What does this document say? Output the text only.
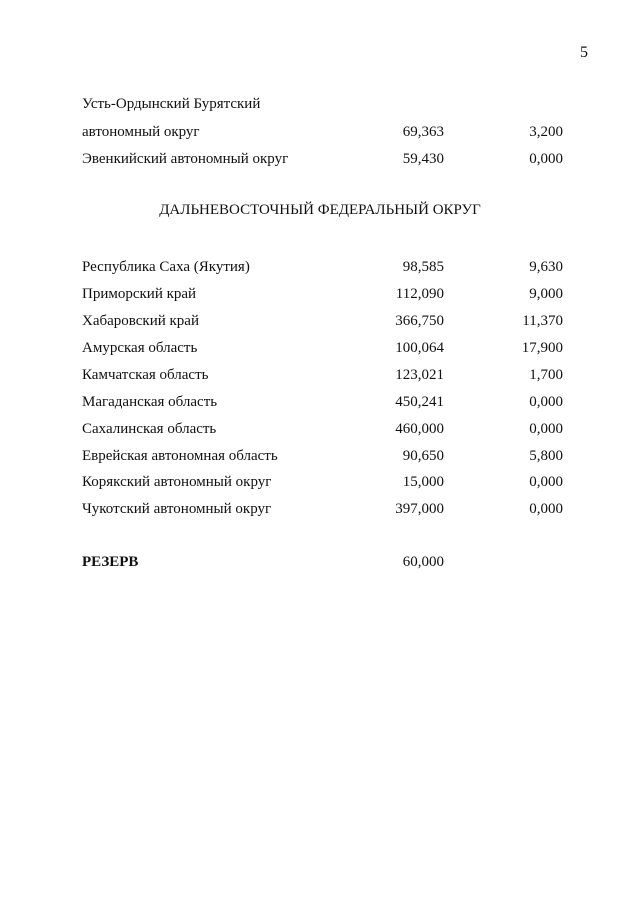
5
Усть-Ордынский Бурятский
автономный округ	69,363	3,200
Эвенкийский автономный округ	59,430	0,000
ДАЛЬНЕВОСТОЧНЫЙ ФЕДЕРАЛЬНЫЙ ОКРУГ
Республика Саха (Якутия)	98,585	9,630
Приморский край	112,090	9,000
Хабаровский край	366,750	11,370
Амурская область	100,064	17,900
Камчатская область	123,021	1,700
Магаданская область	450,241	0,000
Сахалинская область	460,000	0,000
Еврейская автономная область	90,650	5,800
Корякский автономный округ	15,000	0,000
Чукотский автономный округ	397,000	0,000
РЕЗЕРВ	60,000
